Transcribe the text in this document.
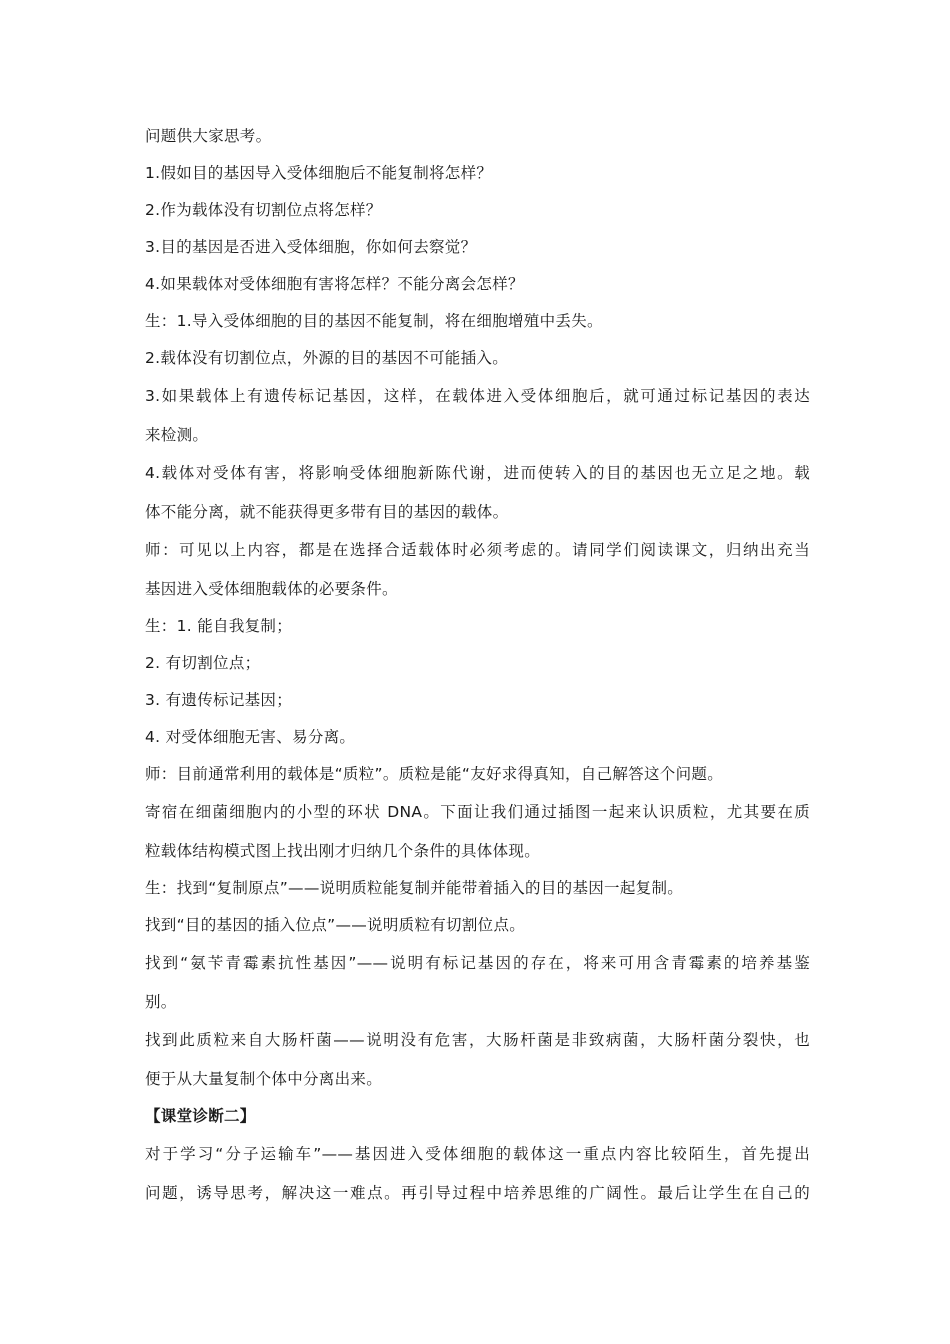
问题供大家思考。
1.假如目的基因导入受体细胞后不能复制将怎样？
2.作为载体没有切割位点将怎样？
3.目的基因是否进入受体细胞，你如何去察觉？
4.如果载体对受体细胞有害将怎样？不能分离会怎样？
生：1.导入受体细胞的目的基因不能复制，将在细胞增殖中丢失。
2.载体没有切割位点，外源的目的基因不可能插入。
3.如果载体上有遗传标记基因，这样，在载体进入受体细胞后，就可通过标记基因的表达
来检测。
4.载体对受体有害，将影响受体细胞新陈代谢，进而使转入的目的基因也无立足之地。载
体不能分离，就不能获得更多带有目的基因的载体。
师：可见以上内容，都是在选择合适载体时必须考虑的。请同学们阅读课文，归纳出充当
基因进入受体细胞载体的必要条件。
生：1. 能自我复制；
2. 有切割位点；
3. 有遗传标记基因；
4. 对受体细胞无害、易分离。
师：目前通常利用的载体是“质粒”。质粒是能“友好求得真知，自己解答这个问题。
寄宿在细菌细胞内的小型的环状 DNA。下面让我们通过插图一起来认识质粒，尤其要在质
粒载体结构模式图上找出刚才归纳几个条件的具体体现。
生：找到“复制原点”——说明质粒能复制并能带着插入的目的基因一起复制。
找到“目的基因的插入位点”——说明质粒有切割位点。
找到“氨苄青霉素抗性基因”——说明有标记基因的存在，将来可用含青霉素的培养基鉴
别。
找到此质粒来自大肠杆菌——说明没有危害，大肠杆菌是非致病菌，大肠杆菌分裂快，也
便于从大量复制个体中分离出来。
【课堂诊断二】
对于学习“分子运输车”——基因进入受体细胞的载体这一重点内容比较陌生，首先提出
问题，诱导思考，解决这一难点。再引导过程中培养思维的广阔性。最后让学生在自己的
